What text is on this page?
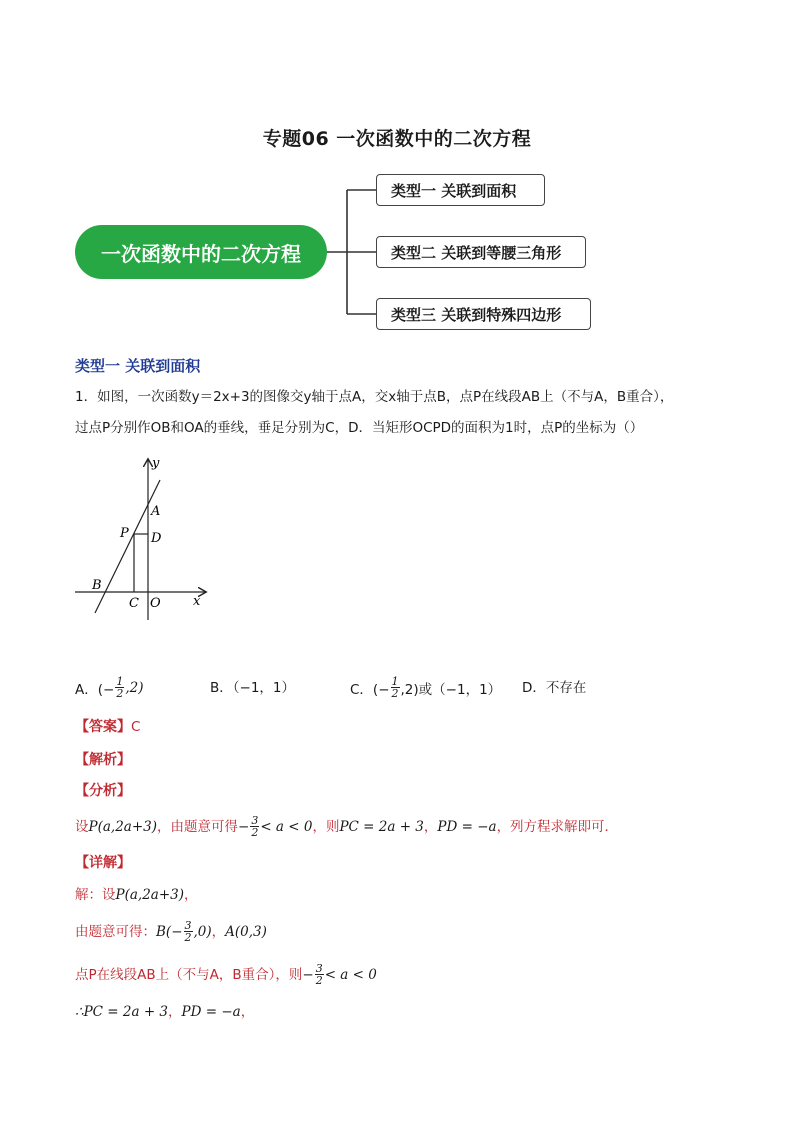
专题06 一次函数中的二次方程
一次函数中的二次方程
类型一 关联到面积
类型二 关联到等腰三角形
类型三 关联到特殊四边形
类型一 关联到面积
1．如图，一次函数y＝2x+3的图像交y轴于点A，交x轴于点B，点P在线段AB上（不与A，B重合），
过点P分别作OB和OA的垂线，垂足分别为C，D．当矩形OCPD的面积为1时，点P的坐标为（）
y
x
A
D
P
B
C O
A．(− $\frac{1}{2} ,2$)	B．（−1，1）	C．(− $\frac{1}{2} ,2$)或（−1，1） D．不存在
【答案】C
【解析】
【分析】
设 P(a,2a+3) ，由题意可得 − $\frac{3}{2} < a < 0$ ，则 PC = 2a + 3 ， PD = −a ，列方程求解即可．
【详解】
解：设P(a,2a+3)，
由题意可得： $B(- \frac{3}{2} ,0)$ ， A(0,3)
点P在线段AB上（不与A，B重合），则 − $\frac{3}{2} < a < 0$
∴PC = 2a + 3，PD = −a，
